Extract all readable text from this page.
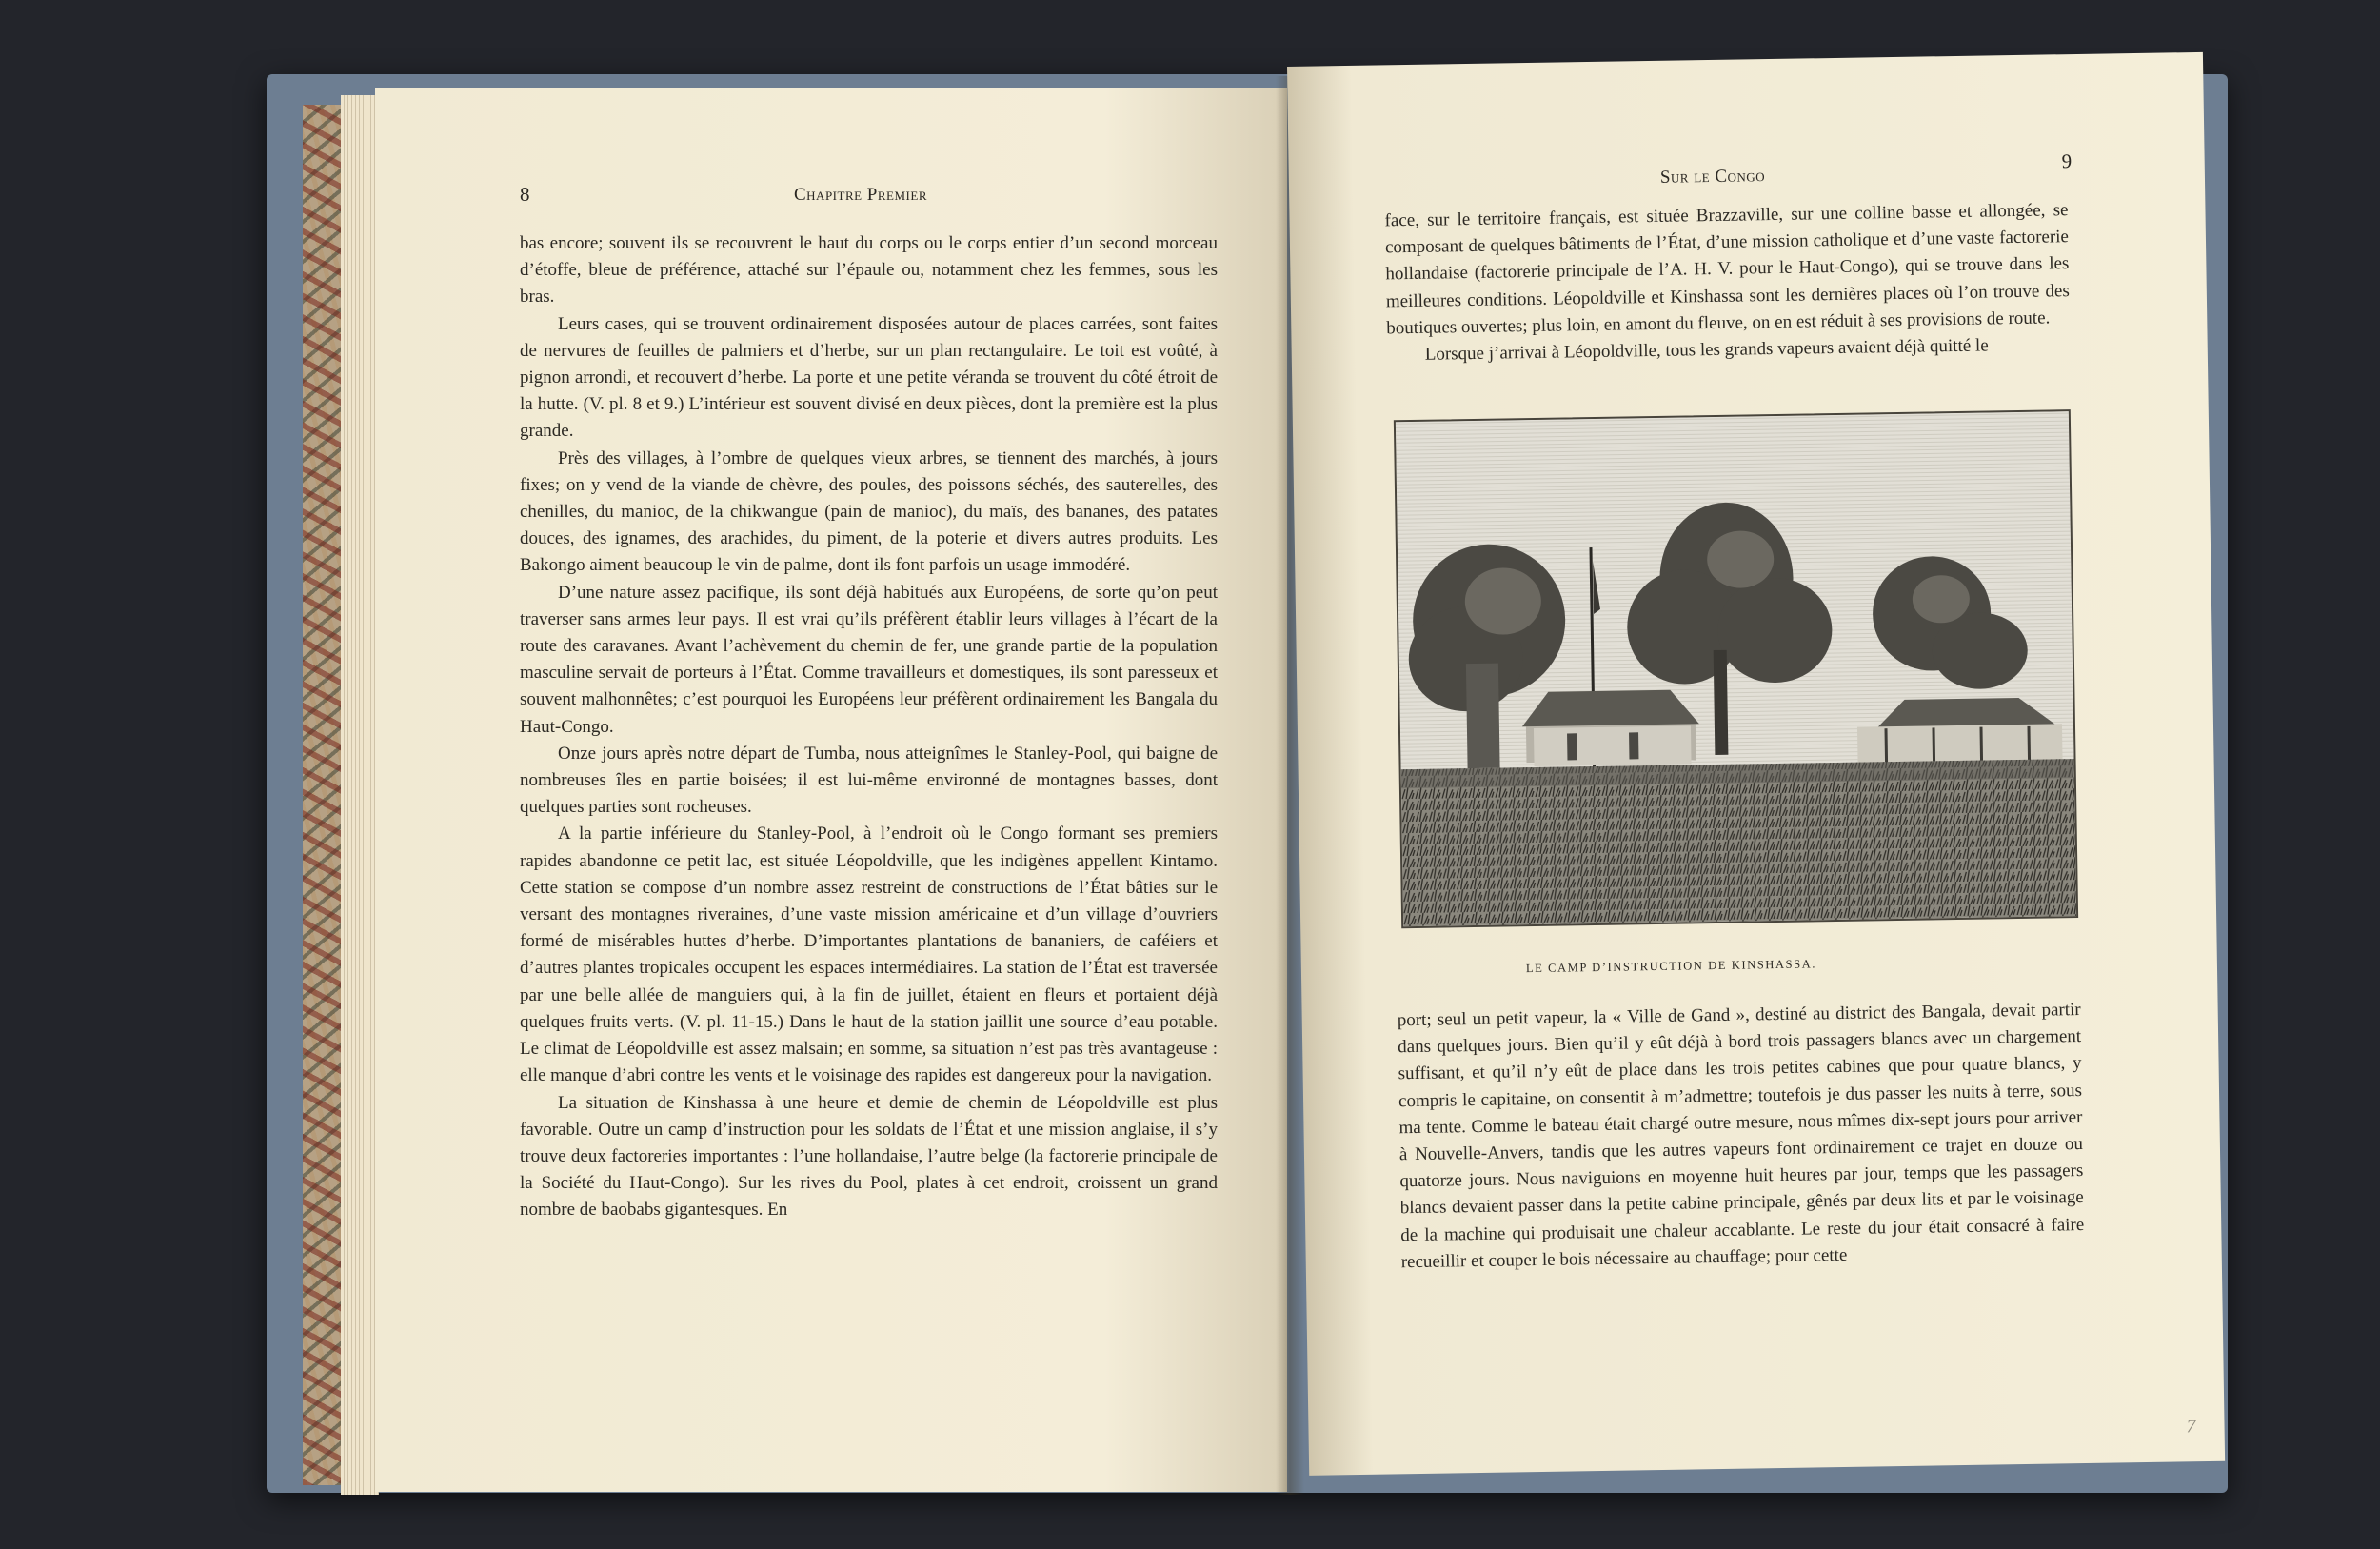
8	Chapitre Premier

bas encore; souvent ils se recouvrent le haut du corps ou le corps entier d’un second morceau d’étoffe, bleue de préférence, attaché sur l’épaule ou, notamment chez les femmes, sous les bras.

Leurs cases, qui se trouvent ordinairement disposées autour de places carrées, sont faites de nervures de feuilles de palmiers et d’herbe, sur un plan rectangulaire. Le toit est voûté, à pignon arrondi, et recouvert d’herbe. La porte et une petite véranda se trouvent du côté étroit de la hutte. (V. pl. 8 et 9.) L’intérieur est souvent divisé en deux pièces, dont la première est la plus grande.

Près des villages, à l’ombre de quelques vieux arbres, se tiennent des marchés, à jours fixes; on y vend de la viande de chèvre, des poules, des poissons séchés, des sauterelles, des chenilles, du manioc, de la chikwangue (pain de manioc), du maïs, des bananes, des patates douces, des ignames, des arachides, du piment, de la poterie et divers autres produits. Les Bakongo aiment beaucoup le vin de palme, dont ils font parfois un usage immodéré.

D’une nature assez pacifique, ils sont déjà habitués aux Européens, de sorte qu’on peut traverser sans armes leur pays. Il est vrai qu’ils préfèrent établir leurs villages à l’écart de la route des caravanes. Avant l’achèvement du chemin de fer, une grande partie de la population masculine servait de porteurs à l’État. Comme travailleurs et domestiques, ils sont paresseux et souvent malhonnêtes; c’est pourquoi les Européens leur préfèrent ordinairement les Bangala du Haut-Congo.

Onze jours après notre départ de Tumba, nous atteignîmes le Stanley-Pool, qui baigne de nombreuses îles en partie boisées; il est lui-même environné de montagnes basses, dont quelques parties sont rocheuses.

A la partie inférieure du Stanley-Pool, à l’endroit où le Congo formant ses premiers rapides abandonne ce petit lac, est située Léopoldville, que les indigènes appellent Kintamo. Cette station se compose d’un nombre assez restreint de constructions de l’État bâties sur le versant des montagnes riveraines, d’une vaste mission américaine et d’un village d’ouvriers formé de misérables huttes d’herbe. D’importantes plantations de bananiers, de caféiers et d’autres plantes tropicales occupent les espaces intermédiaires. La station de l’État est traversée par une belle allée de manguiers qui, à la fin de juillet, étaient en fleurs et portaient déjà quelques fruits verts. (V. pl. 11-15.) Dans le haut de la station jaillit une source d’eau potable. Le climat de Léopoldville est assez malsain; en somme, sa situation n’est pas très avantageuse : elle manque d’abri contre les vents et le voisinage des rapides est dangereux pour la navigation.

La situation de Kinshassa à une heure et demie de chemin de Léopoldville est plus favorable. Outre un camp d’instruction pour les soldats de l’État et une mission anglaise, il s’y trouve deux factoreries importantes : l’une hollandaise, l’autre belge (la factorerie principale de la Société du Haut-Congo). Sur les rives du Pool, plates à cet endroit, croissent un grand nombre de baobabs gigantesques. En

Sur le Congo
9

face, sur le territoire français, est située Brazzaville, sur une colline basse et allongée, se composant de quelques bâtiments de l’État, d’une mission catholique et d’une vaste factorerie hollandaise (factorerie principale de l’A. H. V. pour le Haut-Congo), qui se trouve dans les meilleures conditions. Léopoldville et Kinshassa sont les dernières places où l’on trouve des boutiques ouvertes; plus loin, en amont du fleuve, on en est réduit à ses provisions de route.

Lorsque j’arrivai à Léopoldville, tous les grands vapeurs avaient déjà quitté le

LE CAMP D’INSTRUCTION DE KINSHASSA.

port; seul un petit vapeur, la « Ville de Gand », destiné au district des Bangala, devait partir dans quelques jours. Bien qu’il y eût déjà à bord trois passagers blancs avec un chargement suffisant, et qu’il n’y eût de place dans les trois petites cabines que pour quatre blancs, y compris le capitaine, on consentit à m’admettre; toutefois je dus passer les nuits à terre, sous ma tente. Comme le bateau était chargé outre mesure, nous mîmes dix-sept jours pour arriver à Nouvelle-Anvers, tandis que les autres vapeurs font ordinairement ce trajet en douze ou quatorze jours. Nous naviguions en moyenne huit heures par jour, temps que les passagers blancs devaient passer dans la petite cabine principale, gênés par deux lits et par le voisinage de la machine qui produisait une chaleur accablante. Le reste du jour était consacré à faire recueillir et couper le bois nécessaire au chauffage; pour cette

7
